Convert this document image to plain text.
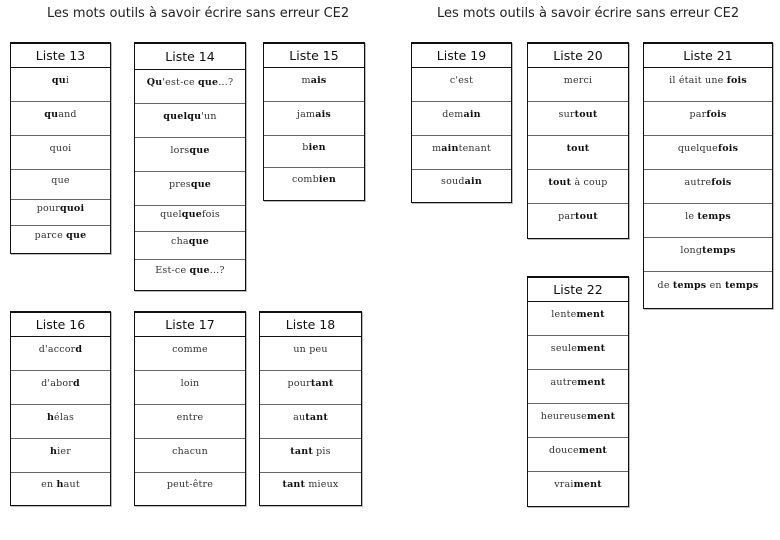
Les mots outils à savoir écrire sans erreur CE2	Les mots outils à savoir écrire sans erreur CE2
Liste 13
qui
quand
quoi
que
pourquoi
parce que
Liste 14
Qu'est-ce que…?
quelqu'un
lorsque
presque
quelquefois
chaque
Est-ce que…?
Liste 15
mais
jamais
bien
combien
Liste 19
c'est
demain
maintenant
soudain
Liste 20
merci
surtout
tout
tout à coup
partout
Liste 21
il était une fois
parfois
quelquefois
autrefois
le temps
longtemps
de temps en temps
Liste 22
lentement
seulement
autrement
heureusement
doucement
vraiment
Liste 16
d'accord
d'abord
hélas
hier
en haut
Liste 17
comme
loin
entre
chacun
peut-être
Liste 18
un peu
pourtant
autant
tant pis
tant mieux
